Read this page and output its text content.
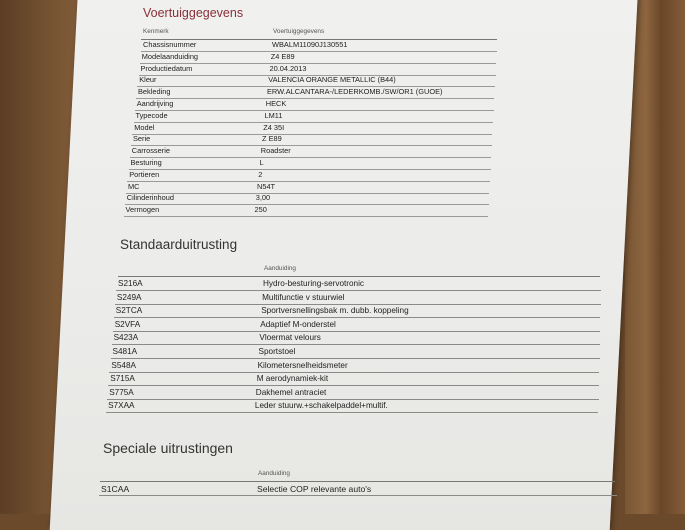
Voertuiggegevens
Kenmerk	Voertuiggegevens
Chassisnummer	WBALM11090J130551
Modelaanduiding	Z4 E89
Productiedatum	20.04.2013
Kleur	VALENCIA ORANGE METALLIC (B44)
Bekleding	ERW.ALCANTARA-/LEDERKOMB./SW/OR1 (GUOE)
Aandrijving	HECK
Typecode	LM11
Model	Z4 35I
Serie	Z E89
Carrosserie	Roadster
Besturing	L
Portieren	2
MC	N54T
Cilinderinhoud	3,00
Vermogen	250
Standaarduitrusting
Aanduiding
S216A	Hydro-besturing-servotronic
S249A	Multifunctie v stuurwiel
S2TCA	Sportversnellingsbak m. dubb. koppeling
S2VFA	Adaptief M-onderstel
S423A	Vloermat velours
S481A	Sportstoel
S548A	Kilometersnelheidsmeter
S715A	M aerodynamiek-kit
S775A	Dakhemel antraciet
S7XAA	Leder stuurw.+schakelpaddel+multif.
Speciale uitrustingen
Aanduiding
S1CAA	Selectie COP relevante auto's
